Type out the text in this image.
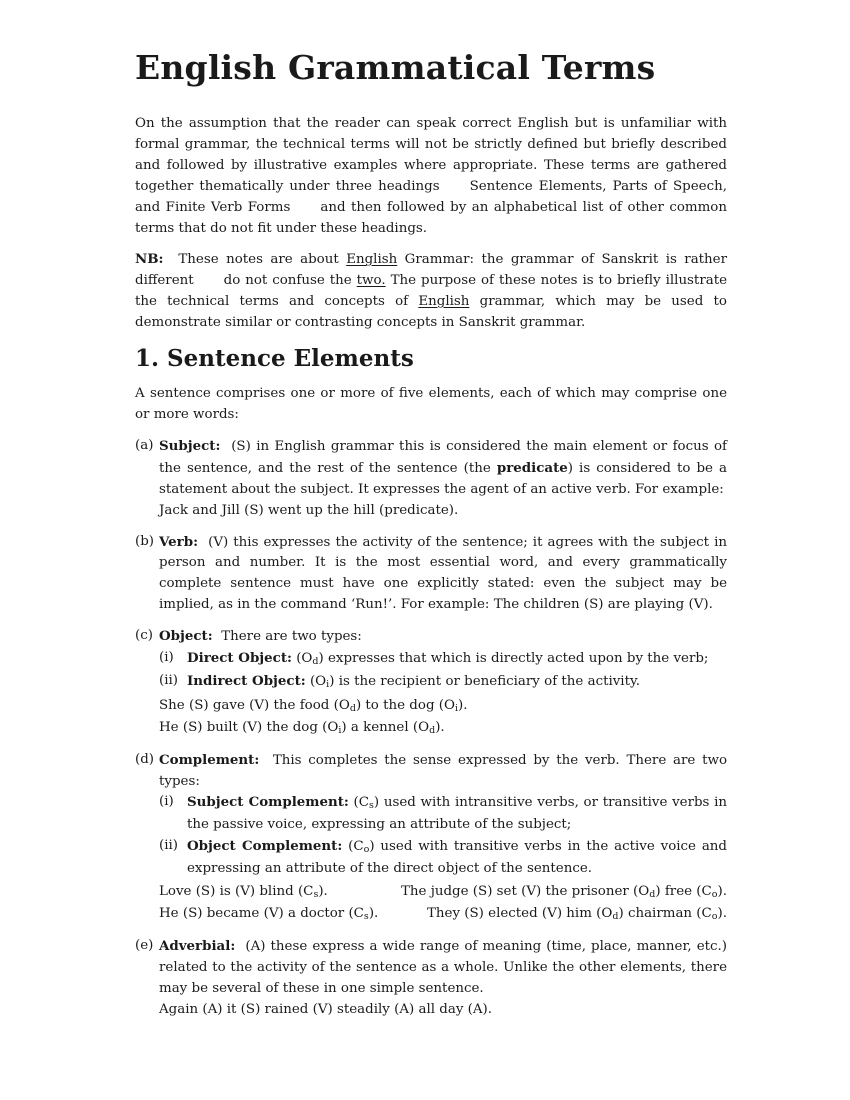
English Grammatical Terms

On the assumption that the reader can speak correct English but is unfamiliar with formal grammar, the technical terms will not be strictly defined but briefly described and followed by illustrative examples where appropriate. These terms are gathered together thematically under three headings Sentence Elements, Parts of Speech, and Finite Verb Forms and then followed by an alphabetical list of other common terms that do not fit under these headings.

NB: These notes are about English Grammar: the grammar of Sanskrit is rather different do not confuse the two. The purpose of these notes is to briefly illustrate the technical terms and concepts of English grammar, which may be used to demonstrate similar or contrasting concepts in Sanskrit grammar.

1. Sentence Elements

A sentence comprises one or more of five elements, each of which may comprise one or more words:

(a) Subject: (S) in English grammar this is considered the main element or focus of the sentence, and the rest of the sentence (the predicate) is considered to be a statement about the subject. It expresses the agent of an active verb. For example:
Jack and Jill (S) went up the hill (predicate).
(b) Verb: (V) this expresses the activity of the sentence; it agrees with the subject in person and number. It is the most essential word, and every grammatically complete sentence must have one explicitly stated: even the subject may be implied, as in the command ‘Run!’. For example: The children (S) are playing (V).
(c) Object: There are two types:
(i) Direct Object: (Od) expresses that which is directly acted upon by the verb;
(ii) Indirect Object: (Oi) is the recipient or beneficiary of the activity.
She (S) gave (V) the food (Od) to the dog (Oi).
He (S) built (V) the dog (Oi) a kennel (Od).
(d) Complement: This completes the sense expressed by the verb. There are two types:
(i) Subject Complement: (Cs) used with intransitive verbs, or transitive verbs in the passive voice, expressing an attribute of the subject;
(ii) Object Complement: (Co) used with transitive verbs in the active voice and expressing an attribute of the direct object of the sentence.
Love (S) is (V) blind (Cs).	The judge (S) set (V) the prisoner (Od) free (Co).
He (S) became (V) a doctor (Cs).	They (S) elected (V) him (Od) chairman (Co).
(e) Adverbial: (A) these express a wide range of meaning (time, place, manner, etc.) related to the activity of the sentence as a whole. Unlike the other elements, there may be several of these in one simple sentence.
Again (A) it (S) rained (V) steadily (A) all day (A).
